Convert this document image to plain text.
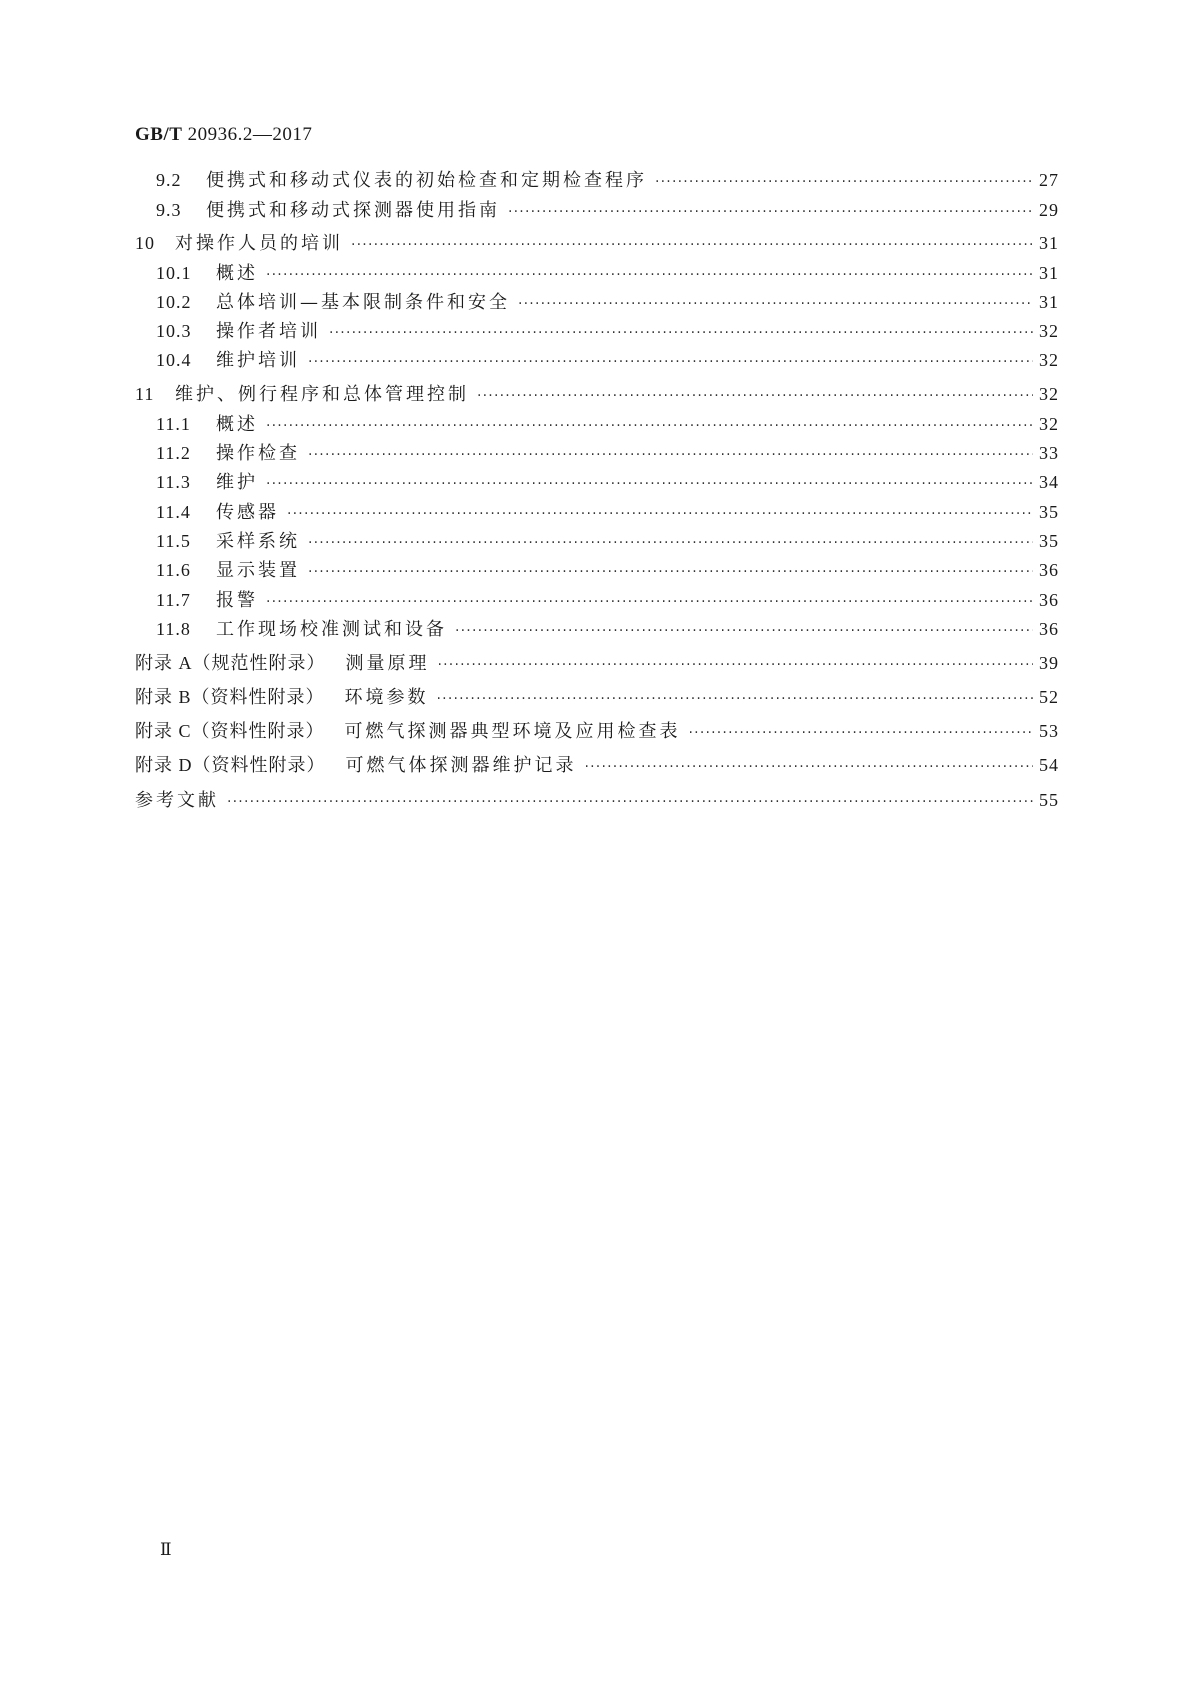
GB/T 20936.2—2017
9.2	便携式和移动式仪表的初始检查和定期检查程序 ·····	27
9.3	便携式和移动式探测器使用指南 ·····	29
10	对操作人员的培训 ·····	31
10.1	概述 ·····	31
10.2	总体培训—基本限制条件和安全 ·····	31
10.3	操作者培训 ·····	32
10.4	维护培训 ·····	32
11	维护、例行程序和总体管理控制 ·····	32
11.1	概述 ·····	32
11.2	操作检查 ·····	33
11.3	维护 ·····	34
11.4	传感器 ·····	35
11.5	采样系统 ·····	35
11.6	显示装置 ·····	36
11.7	报警 ·····	36
11.8	工作现场校准测试和设备 ·····	36
附录 A（规范性附录） 测量原理 ·····	39
附录 B（资料性附录） 环境参数 ·····	52
附录 C（资料性附录） 可燃气探测器典型环境及应用检查表 ·····	53
附录 D（资料性附录） 可燃气体探测器维护记录 ·····	54
参考文献 ·····	55
Ⅱ
